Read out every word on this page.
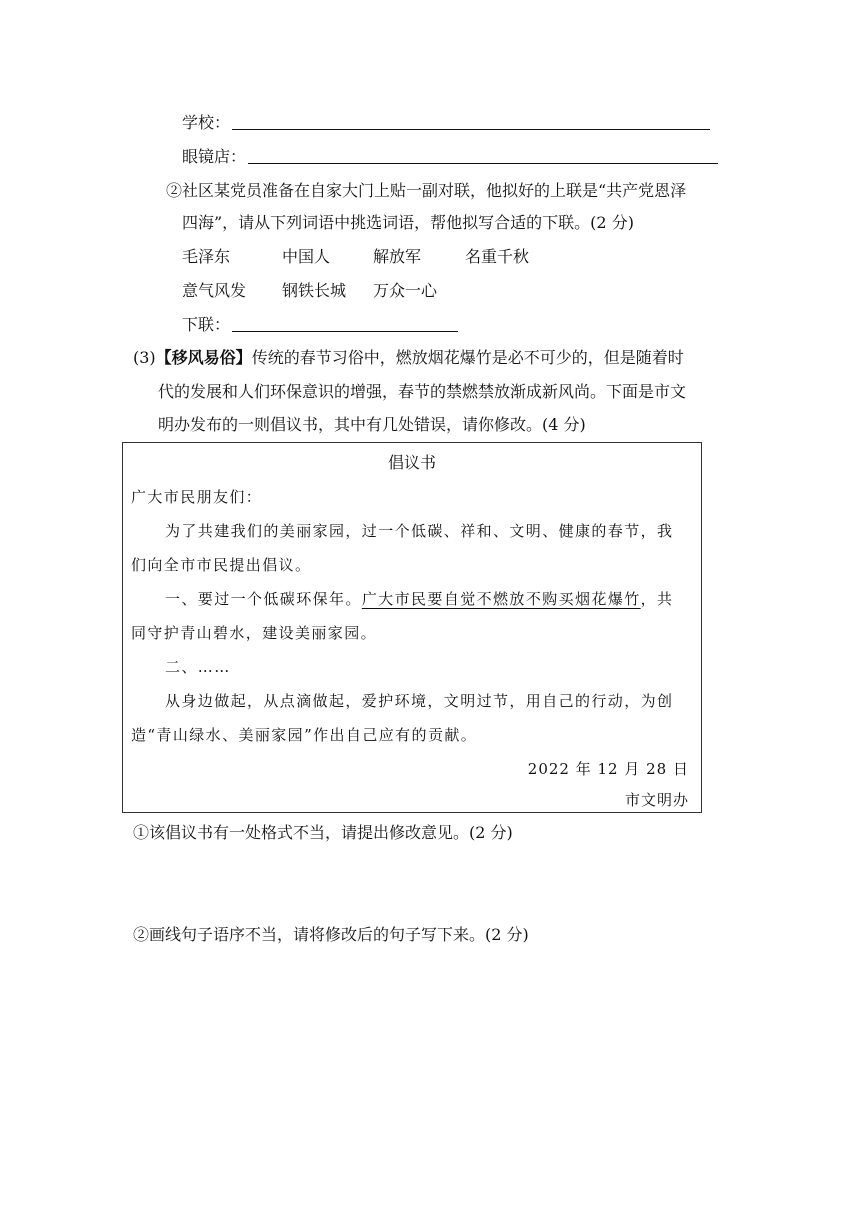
学校：
眼镜店：
②社区某党员准备在自家大门上贴一副对联，他拟好的上联是“共产党恩泽
四海”，请从下列词语中挑选词语，帮他拟写合适的下联。(2 分)
毛泽东	中国人	解放军	名重千秋
意气风发 钢铁长城 万众一心
下联：
(3)【移风易俗】传统的春节习俗中，燃放烟花爆竹是必不可少的，但是随着时
代的发展和人们环保意识的增强，春节的禁燃禁放渐成新风尚。下面是市文
明办发布的一则倡议书，其中有几处错误，请你修改。(4 分)
倡议书
广大市民朋友们：
为了共建我们的美丽家园，过一个低碳、祥和、文明、健康的春节，我
们向全市市民提出倡议。
一、要过一个低碳环保年。广大市民要自觉不燃放不购买烟花爆竹，共
同守护青山碧水，建设美丽家园。
二、……
从身边做起，从点滴做起，爱护环境，文明过节，用自己的行动，为创
造“青山绿水、美丽家园”作出自己应有的贡献。
2022 年 12 月 28 日
市文明办
①该倡议书有一处格式不当，请提出修改意见。(2 分)
②画线句子语序不当，请将修改后的句子写下来。(2 分)
